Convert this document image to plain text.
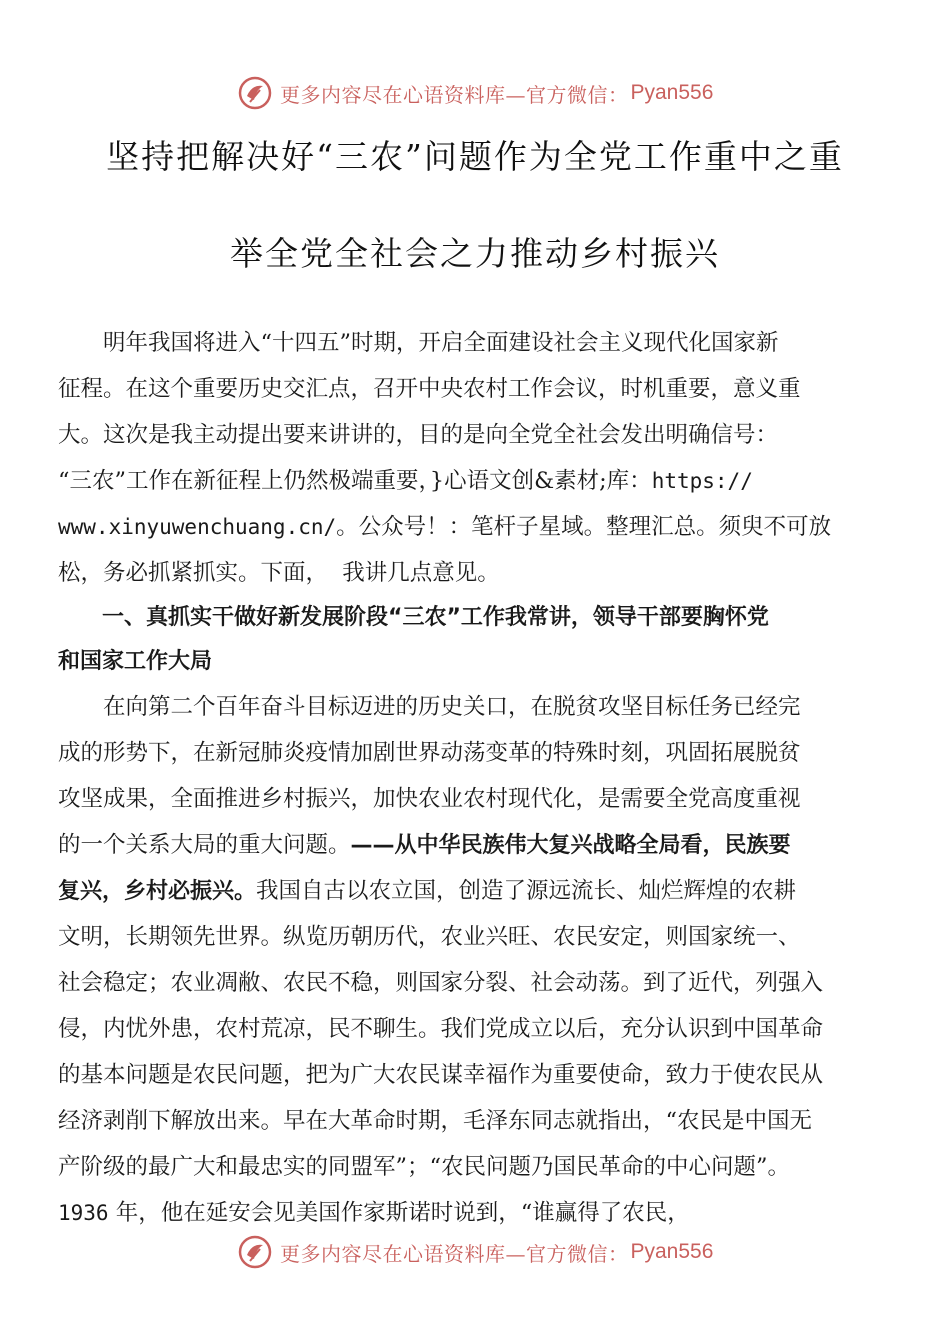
更多内容尽在心语资料库—官方微信： Pyan556
坚持把解决好“三农”问题作为全党工作重中之重
举全党全社会之力推动乡村振兴
　　明年我国将进入“十四五”时期，开启全面建设社会主义现代化国家新
征程。在这个重要历史交汇点，召开中央农村工作会议，时机重要，意义重
大。这次是我主动提出要来讲讲的，目的是向全党全社会发出明确信号：
“三农”工作在新征程上仍然极端重要，}心语文创&素材;库：https://
www.xinyuwenchuang.cn/。公众号！：笔杆子星域。整理汇总。须臾不可放
松，务必抓紧抓实。下面，  我讲几点意见。
　　一、真抓实干做好新发展阶段“三农”工作我常讲，领导干部要胸怀党
和国家工作大局
　　在向第二个百年奋斗目标迈进的历史关口，在脱贫攻坚目标任务已经完
成的形势下，在新冠肺炎疫情加剧世界动荡变革的特殊时刻，巩固拓展脱贫
攻坚成果，全面推进乡村振兴，加快农业农村现代化，是需要全党高度重视
的一个关系大局的重大问题。——从中华民族伟大复兴战略全局看，民族要
复兴，乡村必振兴。我国自古以农立国，创造了源远流长、灿烂辉煌的农耕
文明，长期领先世界。纵览历朝历代，农业兴旺、农民安定，则国家统一、
社会稳定；农业凋敝、农民不稳，则国家分裂、社会动荡。到了近代，列强入
侵，内忧外患，农村荒凉，民不聊生。我们党成立以后，充分认识到中国革命
的基本问题是农民问题，把为广大农民谋幸福作为重要使命，致力于使农民从
经济剥削下解放出来。早在大革命时期，毛泽东同志就指出，“农民是中国无
产阶级的最广大和最忠实的同盟军”；“农民问题乃国民革命的中心问题”。
1936 年，他在延安会见美国作家斯诺时说到，“谁赢得了农民，
更多内容尽在心语资料库—官方微信： Pyan556
